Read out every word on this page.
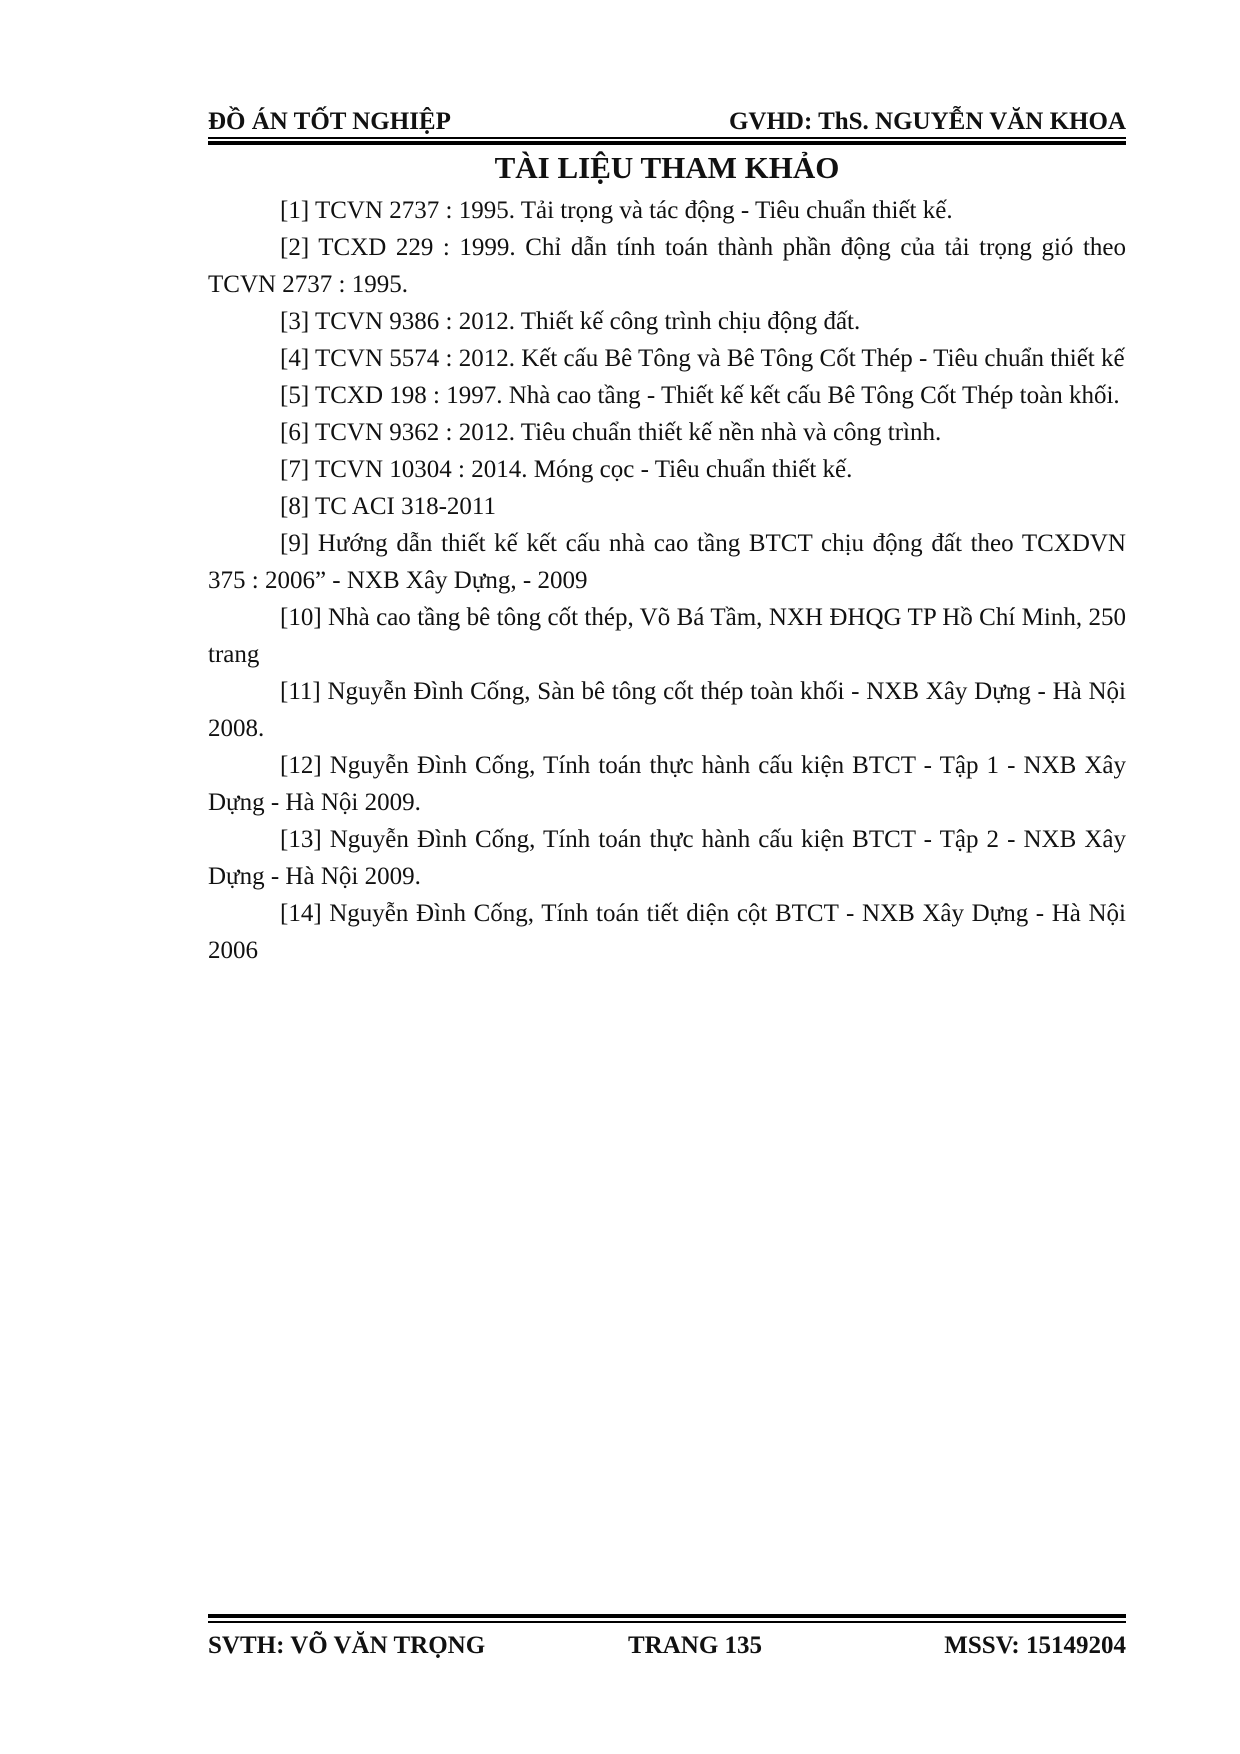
ĐỒ ÁN TỐT NGHIỆP	GVHD: ThS. NGUYỄN VĂN KHOA
TÀI LIỆU THAM KHẢO

[1] TCVN 2737 : 1995. Tải trọng và tác động - Tiêu chuẩn thiết kế.

[2] TCXD 229 : 1999. Chỉ dẫn tính toán thành phần động của tải trọng gió theo TCVN 2737 : 1995.

[3] TCVN 9386 : 2012. Thiết kế công trình chịu động đất.

[4] TCVN 5574 : 2012. Kết cấu Bê Tông và Bê Tông Cốt Thép - Tiêu chuẩn thiết kế

[5] TCXD 198 : 1997. Nhà cao tầng - Thiết kế kết cấu Bê Tông Cốt Thép toàn khối.

[6] TCVN 9362 : 2012. Tiêu chuẩn thiết kế nền nhà và công trình.

[7] TCVN 10304 : 2014. Móng cọc - Tiêu chuẩn thiết kế.

[8] TC ACI 318-2011

[9] Hướng dẫn thiết kế kết cấu nhà cao tầng BTCT chịu động đất theo TCXDVN 375 : 2006” - NXB Xây Dựng, - 2009

[10] Nhà cao tầng bê tông cốt thép, Võ Bá Tầm, NXH ĐHQG TP Hồ Chí Minh, 250 trang

[11] Nguyễn Đình Cống, Sàn bê tông cốt thép toàn khối - NXB Xây Dựng - Hà Nội 2008.

[12] Nguyễn Đình Cống, Tính toán thực hành cấu kiện BTCT - Tập 1 - NXB Xây Dựng - Hà Nội 2009.

[13] Nguyễn Đình Cống, Tính toán thực hành cấu kiện BTCT - Tập 2 - NXB Xây Dựng - Hà Nội 2009.

[14] Nguyễn Đình Cống, Tính toán tiết diện cột BTCT - NXB Xây Dựng - Hà Nội 2006

SVTH: VÕ VĂN TRỌNG	TRANG 135	MSSV: 15149204
